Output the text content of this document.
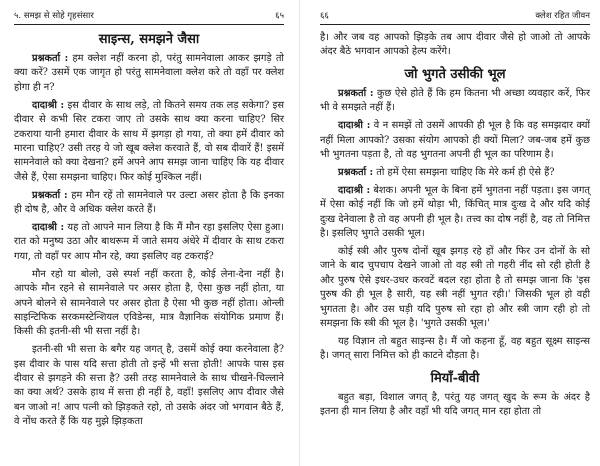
५. समझ से सोहे गृहसंसार	६५
साइन्स, समझने जैसा

प्रश्नकर्ता : हम क्लेश नहीं करना हो, परंतु सामनेवाला आकर झगड़े तो क्या करें? उसमें एक जागृत हो परंतु सामनेवाला क्लेश करे तो वहाँ पर क्लेश होगा ही न?

दादाश्री : इस दीवार के साथ लड़े, तो कितने समय तक लड़ सकेगा? इस दीवार से कभी सिर टकरा जाए तो उसके साथ क्या करना चाहिए? सिर टकराया यानी हमारा दीवार के साथ में झगड़ा हो गया, तो क्या हमें दीवार को मारना चाहिए? उसी तरह ये जो खूब क्लेश करवाते हैं, वो सब दीवारें हैं! इसमें सामनेवाले को क्या देखना? हमें अपने आप समझ जाना चाहिए कि यह दीवार जैसे हैं, ऐसा समझना चाहिए। फिर कोई मुश्किल नहीं।

प्रश्नकर्ता : हम मौन रहें तो सामनेवाले पर उल्टा असर होता है कि इनका ही दोष है, और वे अधिक क्लेश करते हैं।

दादाश्री : यह तो आपने मान लिया है कि मैं मौन रहा इसलिए ऐसा हुआ। रात को मनुष्य उठा और बाथरूम में जाते समय अंधेरे में दीवार के साथ टकरा गया, तो वहाँ पर आप मौन रहे, क्या इसलिए वह टकराई?

मौन रहो या बोलो, उसे स्पर्श नहीं करता है, कोई लेना-देना नहीं है। आपके मौन रहने से सामनेवाले पर असर होता है, ऐसा कुछ नहीं होता, या अपने बोलने से सामनेवाले पर असर होता है ऐसा भी कुछ नहीं होता। ओन्ली साइन्टिफिक सरकमस्टेन्शियल एविडेन्स, मात्र वैज्ञानिक संयोगिक प्रमाण हैं। किसी की इतनी-सी भी सत्ता नहीं है।

इतनी-सी भी सत्ता के बगैर यह जगत् है, उसमें कोई क्या करनेवाला है? इस दीवार के पास यदि सत्ता होती तो इन्हें भी सत्ता होती! आपके पास इस दीवार से झगड़ने की सत्ता है? उसी तरह सामनेवाले के साथ चीखने-चिल्लाने का क्या अर्थ? उसके हाथ में सत्ता ही नहीं है, वहाँ! इसलिए आप दीवार जैसे बन जाओ न! आप पत्नी को झिड़कते रहो, तो उसके अंदर जो भगवान बैठे हैं, वे नोंध करते हैं कि यह मुझे झिड़कता

६६	क्लेश रहित जीवन

है। और जब वह आपको झिड़के तब आप दीवार जैसे हो जाओ तो आपके अंदर बैठे भगवान आपको हेल्प करेंगे।

जो भुगते उसीकी भूल

प्रश्नकर्ता : कुछ ऐसे होते हैं कि हम कितना भी अच्छा व्यवहार करें, फिर भी वे समझते नहीं हैं।

दादाश्री : वे न समझें तो उसमें आपकी ही भूल है कि वह समझदार क्यों नहीं मिला आपको? उसका संयोग आपको ही क्यों मिला? जब-जब हमें कुछ भी भुगतना पड़ता है, तो वह भुगतना अपनी ही भूल का परिणाम है।

प्रश्नकर्ता : तो हमें ऐसा समझना चाहिए कि मेरे कर्म ही ऐसे हैं?

दादाश्री : बेशक। अपनी भूल के बिना हमें भुगतना नहीं पड़ता। इस जगत् में ऐसा कोई नहीं कि जो हमें थोड़ा भी, किंचित् मात्र दुःख दे और यदि कोई दुःख देनेवाला है तो वह अपनी ही भूल है। तत्त्व का दोष नहीं है, वह तो निमित्त है। इसलिए भुगते उसकी भूल।

कोई स्त्री और पुरुष दोनों खूब झगड़ रहे हों और फिर उन दोनों के सो जाने के बाद चुपचाप देखने जाओ तो वह स्त्री तो गहरी नींद सो रही होती है और पुरुष ऐसे इधर-उधर करवटें बदल रहा होता है तो समझ जाना कि 'इस पुरुष की ही भूल है सारी, यह स्त्री नहीं भुगत रही।' जिसकी भूल हो वही भुगतता है। और उस घड़ी यदि पुरुष सो रहा हो और स्त्री जाग रही हो तो समझना कि स्त्री की भूल है। 'भुगते उसकी भूल।'

यह विज्ञान तो बहुत साइन्स है। मैं जो कहना हूँ, वह बहुत सूक्ष्म साइन्स है। जगत् सारा निमित्त को ही काटने दौड़ता है।

मियाँ-बीवी

बहुत बड़ा, विशाल जगत् है, परंतु यह जगत् खुद के रूम के अंदर है इतना ही मान लिया है और वहाँ भी यदि जगत् मान रहा होता तो
